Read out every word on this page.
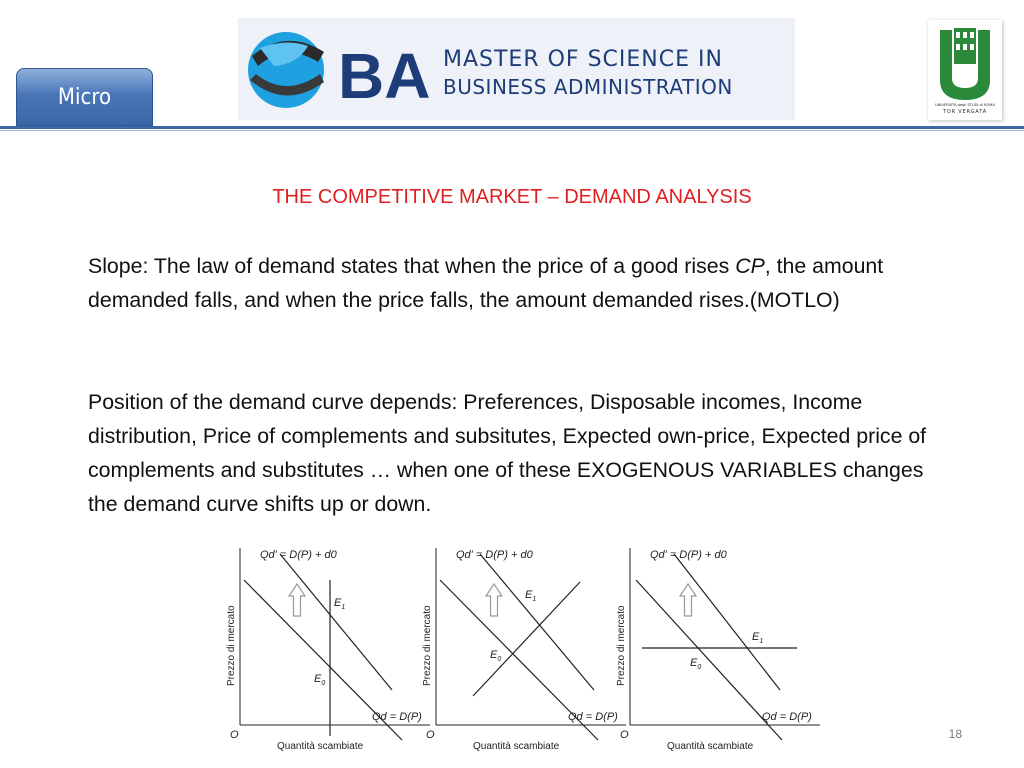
Micro	BA MASTER OF SCIENCE IN
BUSINESS ADMINISTRATION
UNIVERSITÀ degli STUDI di ROMA
TOR VERGATA
THE COMPETITIVE MARKET – DEMAND ANALYSIS
Slope: The law of demand states that when the price of a good rises CP, the amount demanded falls, and when the price falls, the amount demanded rises.(MOTLO)
Position of the demand curve depends: Preferences, Disposable incomes, Income distribution, Price of complements and subsitutes, Expected own-price, Expected price of complements and substitutes … when one of these EXOGENOUS VARIABLES changes the demand curve shifts up or down.
Qd' = D(P) + d0
Qd = D(P)
$E_1$
$E_0$
O
Quantità scambiate
Prezzo di mercato
Qd' = D(P) + d0
Qd = D(P)
$E_1$
$E_0$
O
Quantità scambiate
Prezzo di mercato
Qd' = D(P) + d0
Qd = D(P)
$E_1$
$E_0$
O
Quantità scambiate
Prezzo di mercato
18
